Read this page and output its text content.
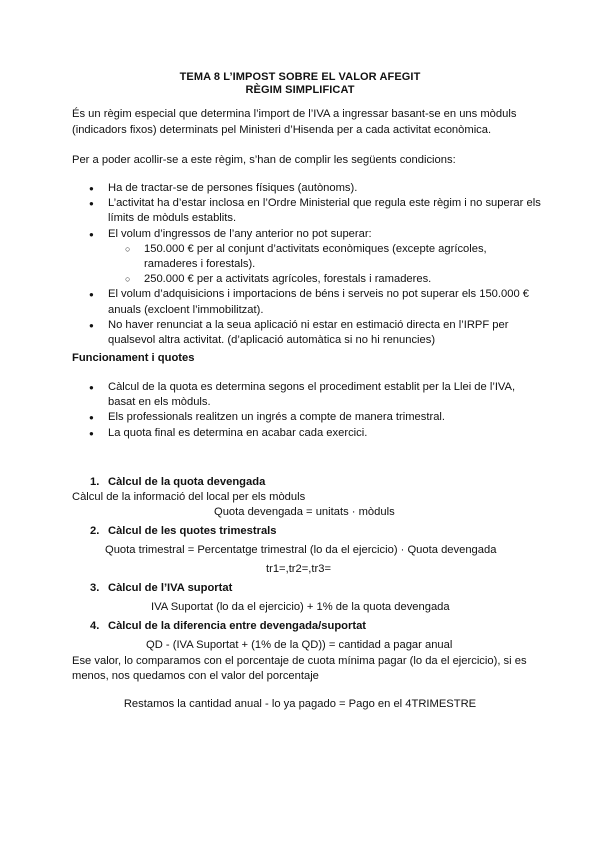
TEMA 8 L’IMPOST SOBRE EL VALOR AFEGIT
RÈGIM SIMPLIFICAT
És un règim especial que determina l’import de l’IVA a ingressar basant-se en uns mòduls
(indicadors fixos) determinats pel Ministeri d’Hisenda per a cada activitat econòmica.
Per a poder acollir-se a este règim, s’han de complir les següents condicions:
● Ha de tractar-se de persones físiques (autònoms).
● L’activitat ha d’estar inclosa en l’Ordre Ministerial que regula este règim i no superar els límits de mòduls establits.
● El volum d’ingressos de l’any anterior no pot superar:
○ 150.000 € per al conjunt d’activitats econòmiques (excepte agrícoles, ramaderes i forestals).
○ 250.000 € per a activitats agrícoles, forestals i ramaderes.
● El volum d’adquisicions i importacions de béns i serveis no pot superar els 150.000 € anuals (excloent l’immobilitzat).
● No haver renunciat a la seua aplicació ni estar en estimació directa en l’IRPF per qualsevol altra activitat. (d’aplicació automàtica si no hi renuncies)
Funcionament i quotes
● Càlcul de la quota es determina segons el procediment establit per la Llei de l’IVA, basat en els mòduls.
● Els professionals realitzen un ingrés a compte de manera trimestral.
● La quota final es determina en acabar cada exercici.
1. Càlcul de la quota devengada
Càlcul de la informació del local per els mòduls
Quota devengada = unitats · mòduls
2. Càlcul de les quotes trimestrals
Quota trimestral = Percentatge trimestral (lo da el ejercicio) · Quota devengada
tr1=,tr2=,tr3=
3. Càlcul de l’IVA suportat
IVA Suportat (lo da el ejercicio) + 1% de la quota devengada
4. Càlcul de la diferencia entre devengada/suportat
QD - (IVA Suportat + (1% de la QD)) = cantidad a pagar anual
Ese valor, lo comparamos con el porcentaje de cuota mínima pagar (lo da el ejercicio), si es
menos, nos quedamos con el valor del porcentaje
Restamos la cantidad anual - lo ya pagado = Pago en el 4TRIMESTRE
